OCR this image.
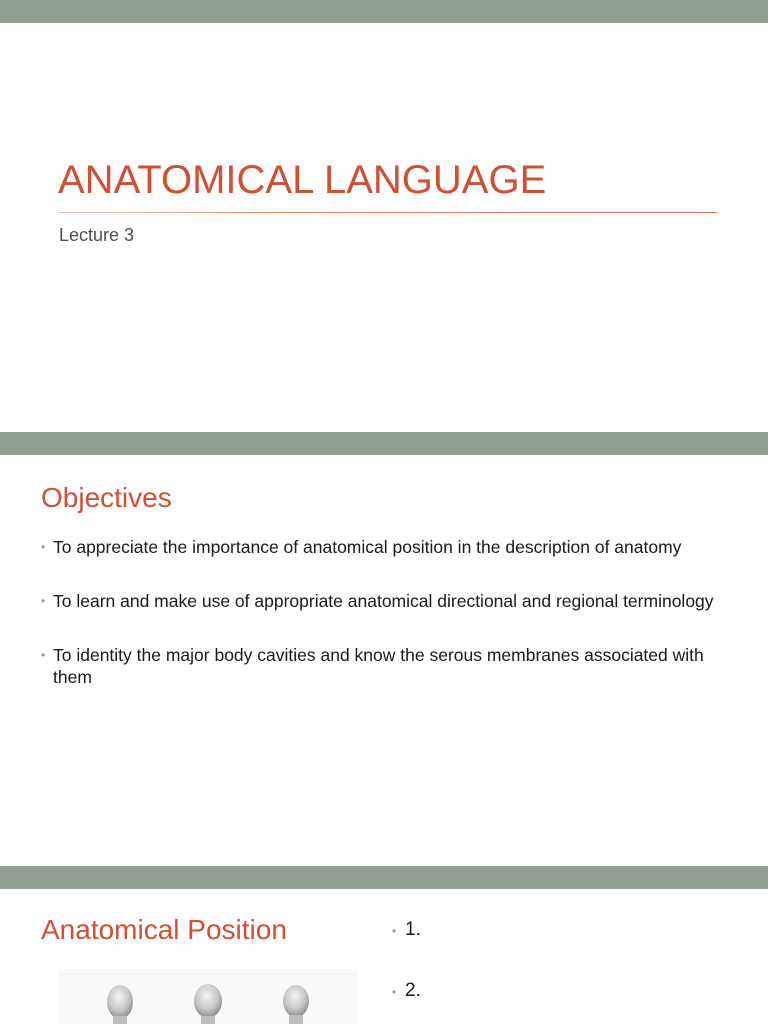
ANATOMICAL LANGUAGE
Lecture 3
Objectives
• To appreciate the importance of anatomical position in the description of anatomy
• To learn and make use of appropriate anatomical directional and regional terminology
• To identity the major body cavities and know the serous membranes associated with them
Anatomical Position	• 1.
• 2.
